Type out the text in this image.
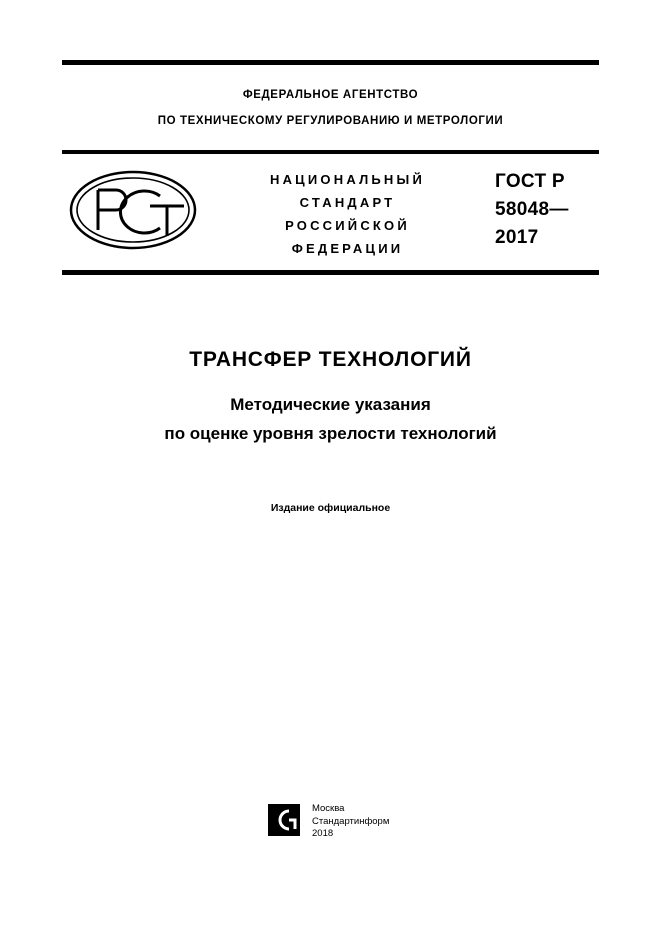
ФЕДЕРАЛЬНОЕ АГЕНТСТВО
ПО ТЕХНИЧЕСКОМУ РЕГУЛИРОВАНИЮ И МЕТРОЛОГИИ
НАЦИОНАЛЬНЫЙ
СТАНДАРТ
РОССИЙСКОЙ
ФЕДЕРАЦИИ
ГОСТ Р
58048—
2017
ТРАНСФЕР ТЕХНОЛОГИЙ
Методические указания
по оценке уровня зрелости технологий
Издание официальное
Москва
Стандартинформ
2018
